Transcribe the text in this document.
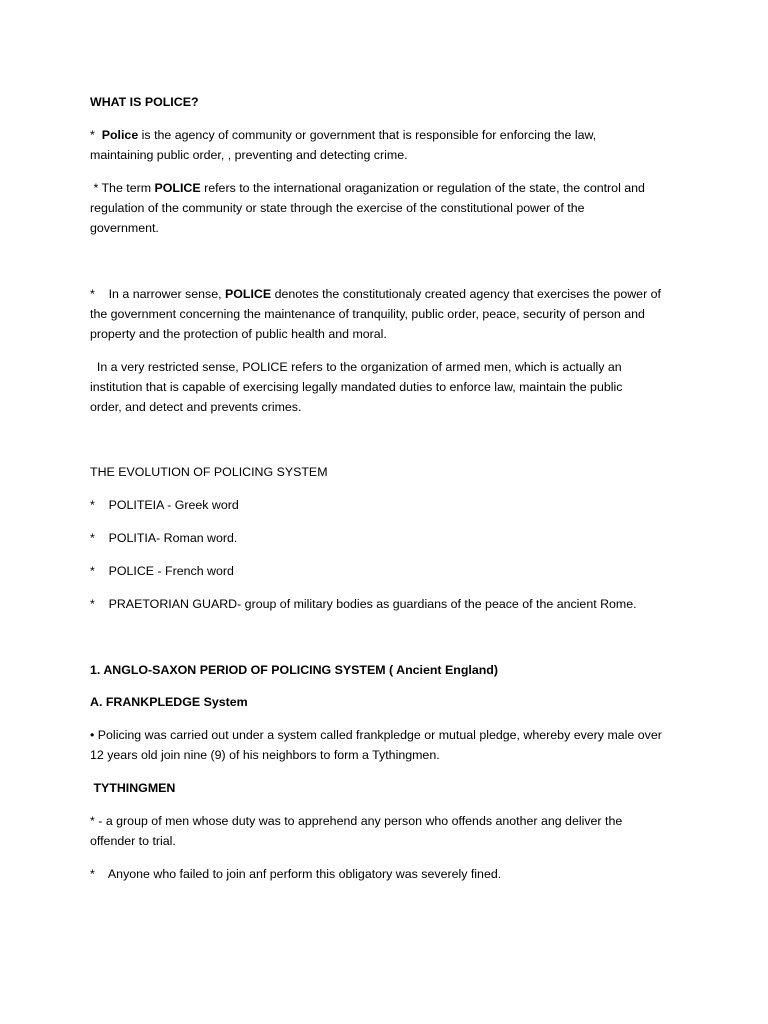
WHAT IS POLICE?
* Police is the agency of community or government that is responsible for enforcing the law,
maintaining public order, , preventing and detecting crime.
* The term POLICE refers to the international oraganization or regulation of the state, the control and
regulation of the community or state through the exercise of the constitutional power of the
government.
*    In a narrower sense, POLICE denotes the constitutionaly created agency that exercises the power of
the government concerning the maintenance of tranquility, public order, peace, security of person and
property and the protection of public health and moral.
In a very restricted sense, POLICE refers to the organization of armed men, which is actually an
institution that is capable of exercising legally mandated duties to enforce law, maintain the public
order, and detect and prevents crimes.
THE EVOLUTION OF POLICING SYSTEM
*    POLITEIA - Greek word
*    POLITIA- Roman word.
*    POLICE - French word
*    PRAETORIAN GUARD- group of military bodies as guardians of the peace of the ancient Rome.
1. ANGLO-SAXON PERIOD OF POLICING SYSTEM ( Ancient England)
A. FRANKPLEDGE System
• Policing was carried out under a system called frankpledge or mutual pledge, whereby every male over
12 years old join nine (9) of his neighbors to form a Tythingmen.
TYTHINGMEN
* - a group of men whose duty was to apprehend any person who offends another ang deliver the
offender to trial.
*    Anyone who failed to join anf perform this obligatory was severely fined.
